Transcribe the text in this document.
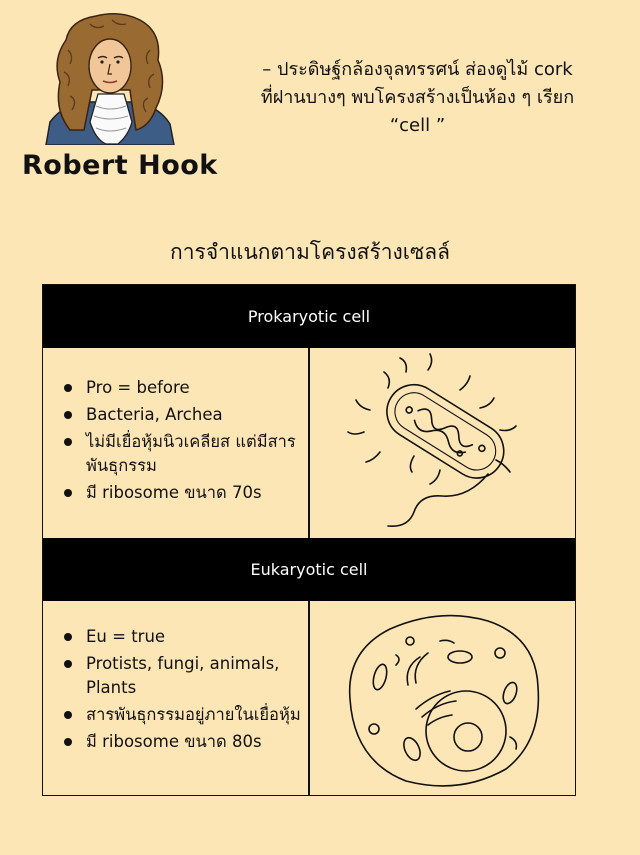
Robert Hook
– ประดิษฐ์กล้องจุลทรรศน์ ส่องดูไม้ cork
ที่ฝานบางๆ พบโครงสร้างเป็นห้อง ๆ เรียก
“cell ”
การจำแนกตามโครงสร้างเซลล์
Prokaryotic cell
Pro = before
Bacteria, Archea
ไม่มีเยื่อหุ้มนิวเคลียส แต่มีสารพันธุกรรม
มี ribosome ขนาด 70s
Eukaryotic cell
Eu = true
Protists, fungi, animals, Plants
สารพันธุกรรมอยู่ภายในเยื่อหุ้ม
มี ribosome ขนาด 80s
